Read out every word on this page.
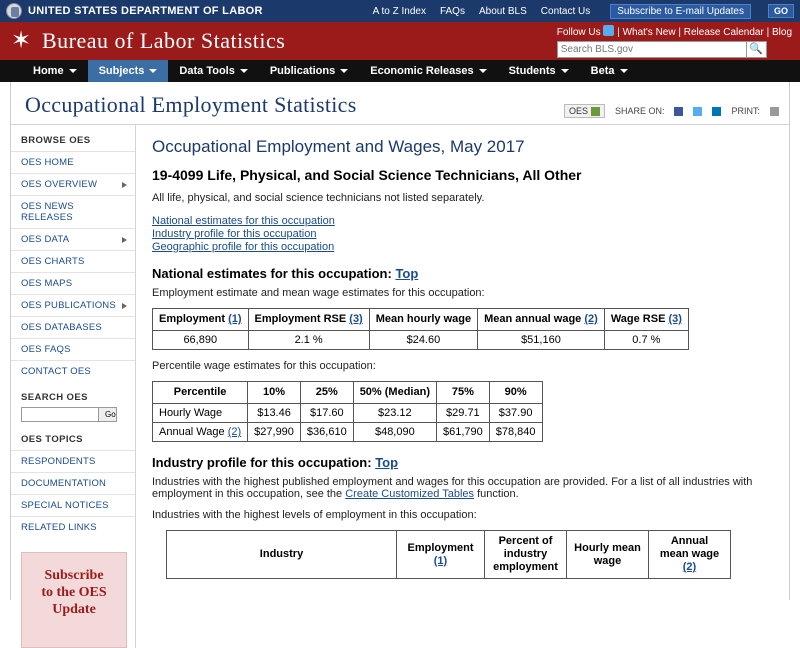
UNITED STATES DEPARTMENT OF LABOR	A to Z Index FAQs About BLS Contact Us	Subscribe to E-mail Updates	GO
✶ Bureau of Labor Statistics	Follow Us  | What's New | Release Calendar | Blog
Search BLS.gov
🔍
Home	Subjects	Data Tools	Publications	Economic Releases	Students	Beta
Occupational Employment Statistics	OES	SHARE ON:	PRINT:
BROWSE OES
OES HOME
OES OVERVIEW
OES NEWS RELEASES
OES DATA
OES CHARTS
OES MAPS
OES PUBLICATIONS
OES DATABASES
OES FAQS
CONTACT OES
SEARCH OES
Go
OES TOPICS
RESPONDENTS
DOCUMENTATION
SPECIAL NOTICES
RELATED LINKS
Subscribe
to the OES
Update
Occupational Employment and Wages, May 2017
19-4099 Life, Physical, and Social Science Technicians, All Other

All life, physical, and social science technicians not listed separately.

National estimates for this occupation
Industry profile for this occupation
Geographic profile for this occupation
National estimates for this occupation: Top

Employment estimate and mean wage estimates for this occupation:

Employment (1)	Employment RSE (3)	Mean hourly wage	Mean annual wage (2)	Wage RSE (3)
66,890	2.1 %	$24.60	$51,160	0.7 %

Percentile wage estimates for this occupation:

Percentile	10%	25%	50% (Median)	75%	90%
Hourly Wage	$13.46	$17.60	$23.12	$29.71	$37.90
Annual Wage (2)	$27,990	$36,610	$48,090	$61,790	$78,840
Industry profile for this occupation: Top

Industries with the highest published employment and wages for this occupation are provided. For a list of all industries with employment in this occupation, see the Create Customized Tables function.

Industries with the highest levels of employment in this occupation:

Industry	Employment (1)	Percent of industry employment	Hourly mean wage	Annual mean wage (2)
